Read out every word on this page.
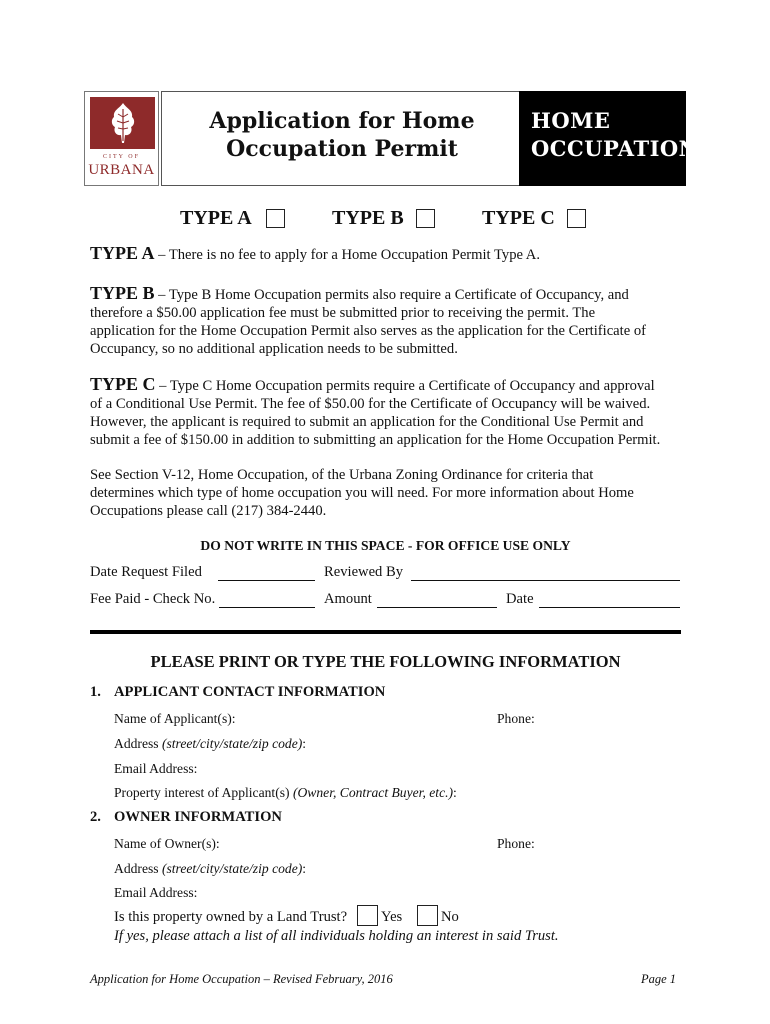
CITY OF
URBANA
Application for Home
Occupation Permit
HOME
OCCUPATION
TYPE A	TYPE B	TYPE C
TYPE A – There is no fee to apply for a Home Occupation Permit Type A.
TYPE B – Type B Home Occupation permits also require a Certificate of Occupancy, and
therefore a $50.00 application fee must be submitted prior to receiving the permit. The
application for the Home Occupation Permit also serves as the application for the Certificate of
Occupancy, so no additional application needs to be submitted.
TYPE C – Type C Home Occupation permits require a Certificate of Occupancy and approval
of a Conditional Use Permit. The fee of $50.00 for the Certificate of Occupancy will be waived.
However, the applicant is required to submit an application for the Conditional Use Permit and
submit a fee of $150.00 in addition to submitting an application for the Home Occupation Permit.
See Section V-12, Home Occupation, of the Urbana Zoning Ordinance for criteria that
determines which type of home occupation you will need. For more information about Home
Occupations please call (217) 384-2440.
DO NOT WRITE IN THIS SPACE - FOR OFFICE USE ONLY
Date Request Filed	Reviewed By
Fee Paid - Check No.	Amount	Date
PLEASE PRINT OR TYPE THE FOLLOWING INFORMATION
1. APPLICANT CONTACT INFORMATION
Name of Applicant(s):	Phone:
Address (street/city/state/zip code):
Email Address:
Property interest of Applicant(s) (Owner, Contract Buyer, etc.):
2. OWNER INFORMATION
Name of Owner(s):	Phone:
Address (street/city/state/zip code):
Email Address:
Is this property owned by a Land Trust? Yes	No
If yes, please attach a list of all individuals holding an interest in said Trust.
Application for Home Occupation – Revised February, 2016	Page 1
